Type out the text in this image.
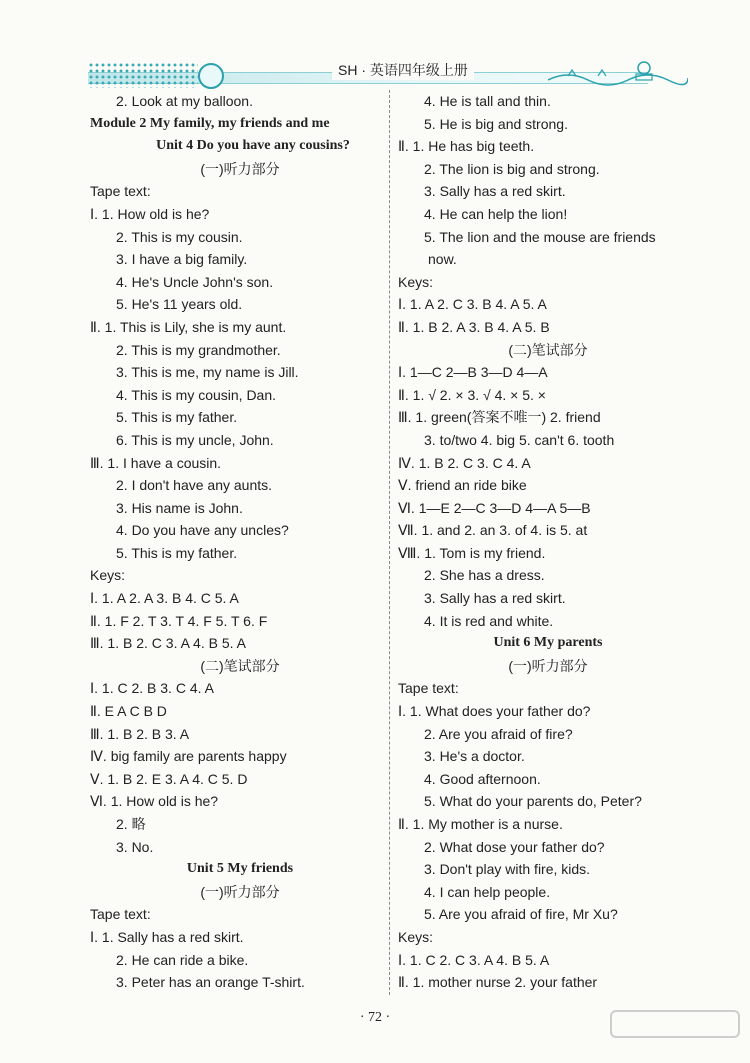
SH · 英语四年级上册
2. Look at my balloon.
Module 2 My family, my friends and me
Unit 4 Do you have any cousins?
(一)听力部分
Tape text:
Ⅰ. 1. How old is he?
2. This is my cousin.
3. I have a big family.
4. He's Uncle John's son.
5. He's 11 years old.
Ⅱ. 1. This is Lily, she is my aunt.
2. This is my grandmother.
3. This is me, my name is Jill.
4. This is my cousin, Dan.
5. This is my father.
6. This is my uncle, John.
Ⅲ. 1. I have a cousin.
2. I don't have any aunts.
3. His name is John.
4. Do you have any uncles?
5. This is my father.
Keys:
Ⅰ. 1. A 2. A 3. B 4. C 5. A
Ⅱ. 1. F 2. T 3. T 4. F 5. T 6. F
Ⅲ. 1. B 2. C 3. A 4. B 5. A
(二)笔试部分
Ⅰ. 1. C 2. B 3. C 4. A
Ⅱ. E A C B D
Ⅲ. 1. B 2. B 3. A
Ⅳ. big family are parents happy
Ⅴ. 1. B 2. E 3. A 4. C 5. D
Ⅵ. 1. How old is he?
2. 略
3. No.
Unit 5 My friends
(一)听力部分
Tape text:
Ⅰ. 1. Sally has a red skirt.
2. He can ride a bike.
3. Peter has an orange T-shirt.
4. He is tall and thin.
5. He is big and strong.
Ⅱ. 1. He has big teeth.
2. The lion is big and strong.
3. Sally has a red skirt.
4. He can help the lion!
5. The lion and the mouse are friends
now.
Keys:
Ⅰ. 1. A 2. C 3. B 4. A 5. A
Ⅱ. 1. B 2. A 3. B 4. A 5. B
(二)笔试部分
Ⅰ. 1—C 2—B 3—D 4—A
Ⅱ. 1. √ 2. × 3. √ 4. × 5. ×
Ⅲ. 1. green(答案不唯一) 2. friend
3. to/two 4. big 5. can't 6. tooth
Ⅳ. 1. B 2. C 3. C 4. A
Ⅴ. friend an ride bike
Ⅵ. 1—E 2—C 3—D 4—A 5—B
Ⅶ. 1. and 2. an 3. of 4. is 5. at
Ⅷ. 1. Tom is my friend.
2. She has a dress.
3. Sally has a red skirt.
4. It is red and white.
Unit 6 My parents
(一)听力部分
Tape text:
Ⅰ. 1. What does your father do?
2. Are you afraid of fire?
3. He's a doctor.
4. Good afternoon.
5. What do your parents do, Peter?
Ⅱ. 1. My mother is a nurse.
2. What dose your father do?
3. Don't play with fire, kids.
4. I can help people.
5. Are you afraid of fire, Mr Xu?
Keys:
Ⅰ. 1. C 2. C 3. A 4. B 5. A
Ⅱ. 1. mother nurse 2. your father
· 72 ·
